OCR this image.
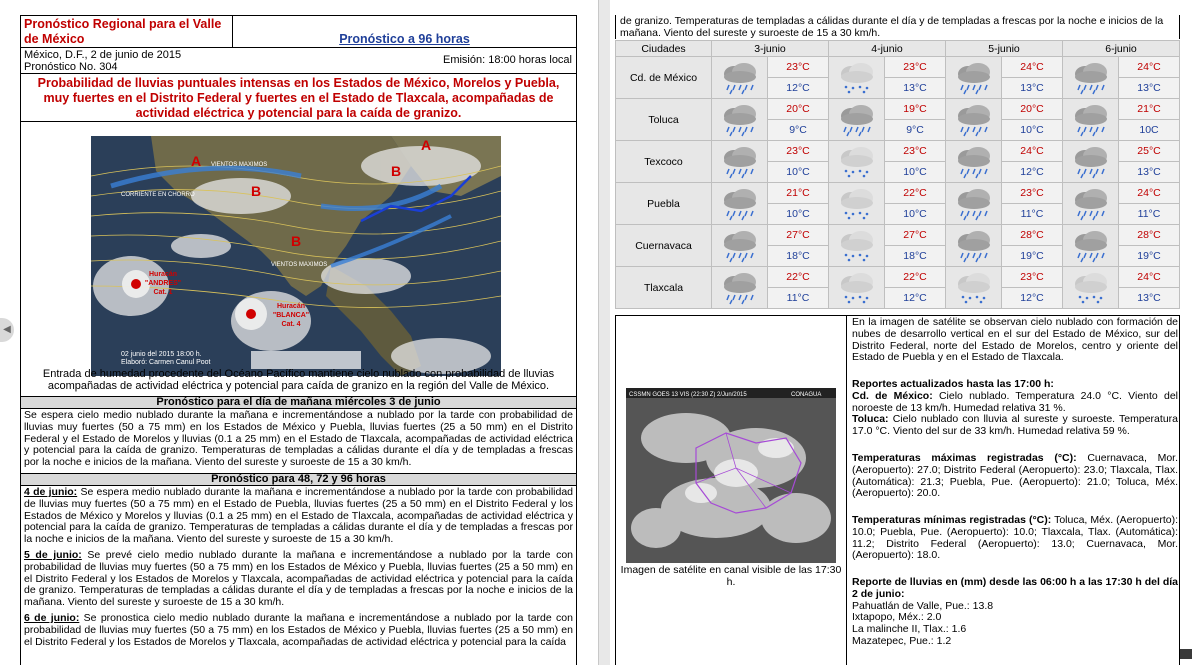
◀
Pronóstico Regional para el Valle de México	Pronóstico a 96 horas
México, D.F., 2 de junio de 2015
Pronóstico No. 304
Emisión: 18:00 horas local
Probabilidad de lluvias puntuales intensas en los Estados de México, Morelos y Puebla, muy fuertes en el Distrito Federal y fuertes en el Estado de Tlaxcala, acompañadas de actividad eléctrica y potencial para la caída de granizo.
B
B
B
A
A
CORRIENTE EN CHORRO
VIENTOS MAXIMOS
VIENTOS MAXIMOS
Huracán
"ANDRES"
Cat. 1
Huracán
"BLANCA"
Cat. 4
02 junio del 2015 18:00 h.
Elaboró: Carmen Canul Poot
Entrada de humedad procedente del Océano Pacífico mantiene cielo nublado con probabilidad de lluvias acompañadas de actividad eléctrica y potencial para caída de granizo en la región del Valle de México.
Pronóstico para el día de mañana miércoles 3 de junio
Se espera cielo medio nublado durante la mañana e incrementándose a nublado por la tarde con probabilidad de lluvias muy fuertes (50 a 75 mm) en los Estados de México y Puebla, lluvias fuertes (25 a 50 mm) en el Distrito Federal y el Estado de Morelos y lluvias (0.1 a 25 mm) en el Estado de Tlaxcala, acompañadas de actividad eléctrica y potencial para la caída de granizo. Temperaturas de templadas a cálidas durante el día y de templadas a frescas por la noche e inicios de la mañana. Viento del sureste y suroeste de 15 a 30 km/h.
Pronóstico para 48, 72 y 96 horas
4 de junio: Se espera medio nublado durante la mañana e incrementándose a nublado por la tarde con probabilidad de lluvias muy fuertes (50 a 75 mm) en el Estado de Puebla, lluvias fuertes (25 a 50 mm) en el Distrito Federal y los Estados de México y Morelos y lluvias (0.1 a 25 mm) en el Estado de Tlaxcala, acompañadas de actividad eléctrica y potencial para la caída de granizo. Temperaturas de templadas a cálidas durante el día y de templadas a frescas por la noche e inicios de la mañana. Viento del sureste y suroeste de 15 a 30 km/h.
5 de junio: Se prevé cielo medio nublado durante la mañana e incrementándose a nublado por la tarde con probabilidad de lluvias muy fuertes (50 a 75 mm) en los Estados de México y Puebla, lluvias fuertes (25 a 50 mm) en el Distrito Federal y los Estados de Morelos y Tlaxcala, acompañadas de actividad eléctrica y potencial para la caída de granizo. Temperaturas de templadas a cálidas durante el día y de templadas a frescas por la noche e inicios de la mañana. Viento del sureste y suroeste de 15 a 30 km/h.
6 de junio: Se pronostica cielo medio nublado durante la mañana e incrementándose a nublado por la tarde con probabilidad de lluvias muy fuertes (50 a 75 mm) en los Estados de México y Puebla, lluvias fuertes (25 a 50 mm) en el Distrito Federal y los Estados de Morelos y Tlaxcala, acompañadas de actividad eléctrica y potencial para la caída
de granizo. Temperaturas de templadas a cálidas durante el día y de templadas a frescas por la noche e inicios de la mañana. Viento del sureste y suroeste de 15 a 30 km/h.
Ciudades	3-junio		4-junio		5-junio		6-junio	
Cd. de México		23°C		23°C		24°C		24°C
		12°C		13°C		13°C		13°C
Toluca		20°C		19°C		20°C		21°C
		9°C		9°C		10°C		10C
Texcoco		23°C		23°C		24°C		25°C
		10°C		10°C		12°C		13°C
Puebla		21°C		22°C		23°C		24°C
		10°C		10°C		11°C		11°C
Cuernavaca		27°C		27°C		28°C		28°C
		18°C		18°C		19°C		19°C
Tlaxcala		22°C		22°C		23°C		24°C
		11°C		12°C		12°C		13°C
CSSMN GOES 13 VIS (22:30 Z) 2/Jun/2015	CONAGUA
Imagen de satélite en canal visible de las 17:30 h.
En la imagen de satélite se observan cielo nublado con formación de nubes de desarrollo vertical en el sur del Estado de México, sur del Distrito Federal, norte del Estado de Morelos, centro y oriente del Estado de Puebla y en el Estado de Tlaxcala.
Reportes actualizados hasta las 17:00 h:
Cd. de México: Cielo nublado. Temperatura 24.0 °C. Viento del noroeste de 13 km/h. Humedad relativa 31 %.
Toluca: Cielo nublado con lluvia al sureste y suroeste. Temperatura 17.0 °C. Viento del sur de 33 km/h. Humedad relativa 59 %.
Temperaturas máximas registradas (°C): Cuernavaca, Mor. (Aeropuerto): 27.0; Distrito Federal (Aeropuerto): 23.0; Tlaxcala, Tlax. (Automática): 21.3; Puebla, Pue. (Aeropuerto): 21.0; Toluca, Méx. (Aeropuerto): 20.0.
Temperaturas mínimas registradas (°C): Toluca, Méx. (Aeropuerto): 10.0; Puebla, Pue. (Aeropuerto): 10.0; Tlaxcala, Tlax. (Automática): 11.2; Distrito Federal (Aeropuerto): 13.0; Cuernavaca, Mor. (Aeropuerto): 18.0.
Reporte de lluvias en (mm) desde las 06:00 h a las 17:30 h del día 2 de junio:
Pahuatlán de Valle, Pue.: 13.8
Ixtapopo, Méx.: 2.0
La malinche II, Tlax.: 1.6
Mazatepec, Pue.: 1.2
